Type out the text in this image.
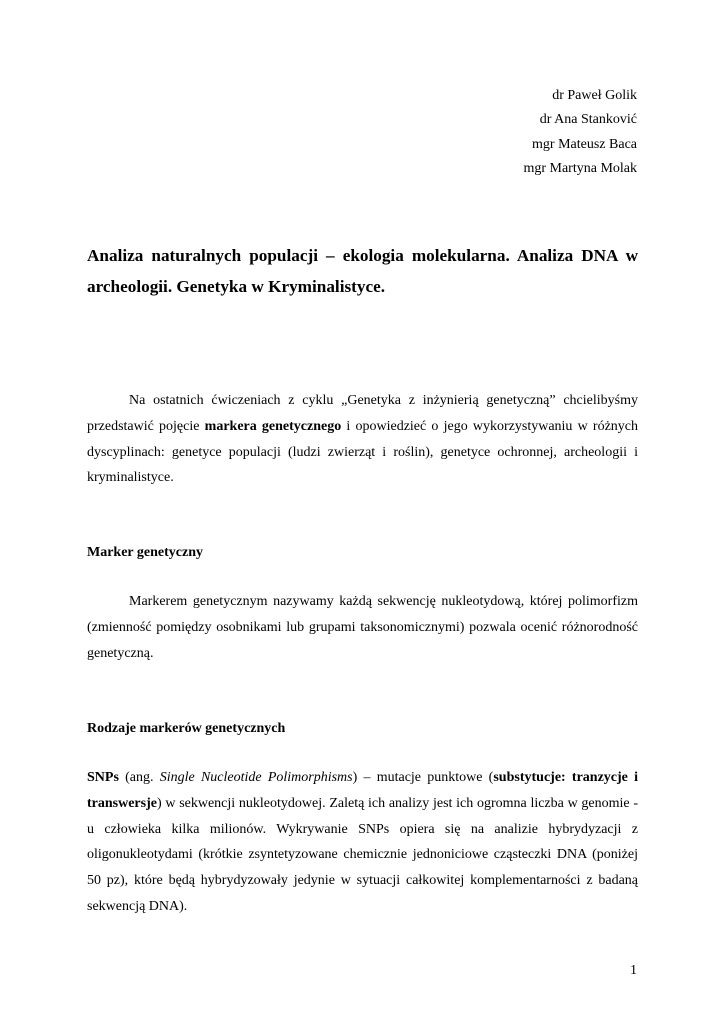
dr Paweł Golik
dr Ana Stanković
mgr Mateusz Baca
mgr Martyna Molak
Analiza naturalnych populacji – ekologia molekularna. Analiza DNA w archeologii. Genetyka w Kryminalistyce.
Na ostatnich ćwiczeniach z cyklu „Genetyka z inżynierią genetyczną” chcielibyśmy przedstawić pojęcie markera genetycznego i opowiedzieć o jego wykorzystywaniu w różnych dyscyplinach: genetyce populacji (ludzi zwierząt i roślin), genetyce ochronnej, archeologii i kryminalistyce.
Marker genetyczny
Markerem genetycznym nazywamy każdą sekwencję nukleotydową, której polimorfizm (zmienność pomiędzy osobnikami lub grupami taksonomicznymi) pozwala ocenić różnorodność genetyczną.
Rodzaje markerów genetycznych
SNPs (ang. Single Nucleotide Polimorphisms) – mutacje punktowe (substytucje: tranzycje i transwersje) w sekwencji nukleotydowej. Zaletą ich analizy jest ich ogromna liczba w genomie - u człowieka kilka milionów. Wykrywanie SNPs opiera się na analizie hybrydyzacji z oligonukleotydami (krótkie zsyntetyzowane chemicznie jednoniciowe cząsteczki DNA (poniżej 50 pz), które będą hybrydyzowały jedynie w sytuacji całkowitej komplementarności z badaną sekwencją DNA).
1
